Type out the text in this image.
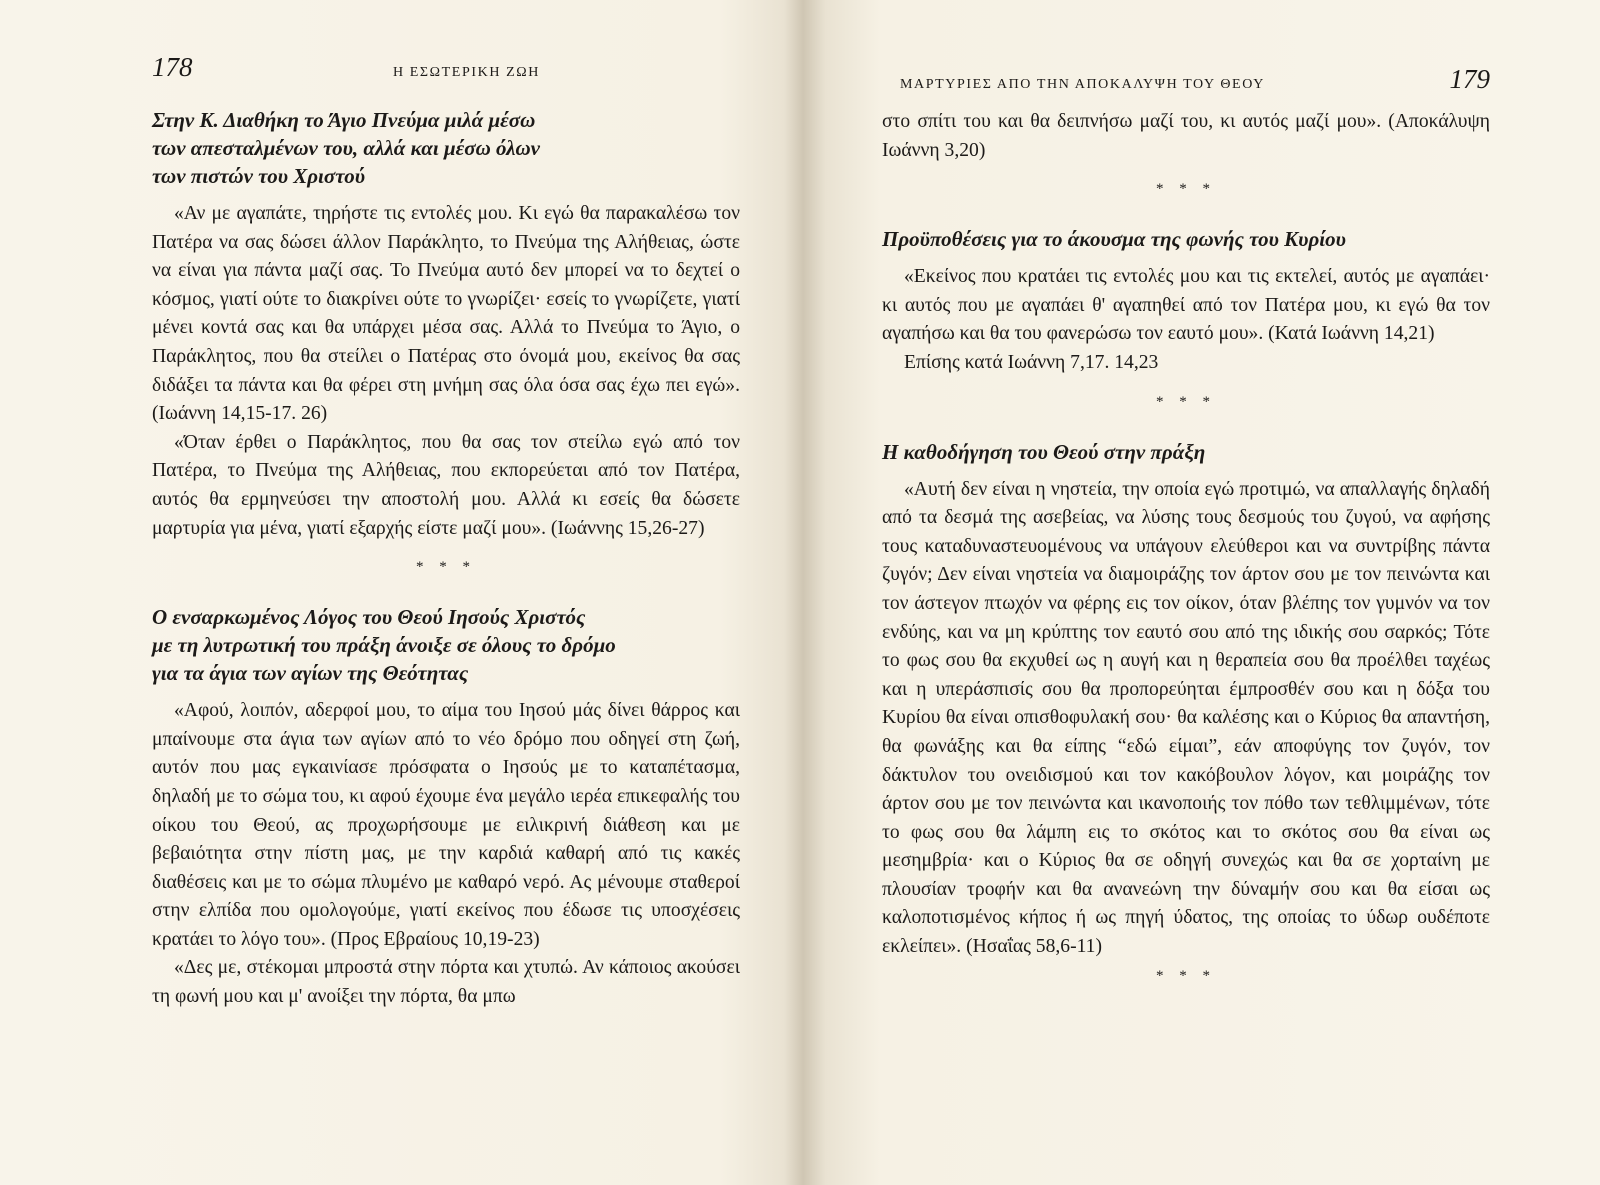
178	Η ΕΣΩΤΕΡΙΚΗ ΖΩΗ

Στην Κ. Διαθήκη το Άγιο Πνεύμα μιλά μέσω
των απεσταλμένων του, αλλά και μέσω όλων
των πιστών του Χριστού

«Αν με αγαπάτε, τηρήστε τις εντολές μου. Κι εγώ θα παρακαλέσω τον Πατέρα να σας δώσει άλλον Παράκλητο, το Πνεύμα της Αλήθειας, ώστε να είναι για πάντα μαζί σας. Το Πνεύμα αυτό δεν μπορεί να το δεχτεί ο κόσμος, γιατί ούτε το διακρίνει ούτε το γνωρίζει· εσείς το γνωρίζετε, γιατί μένει κοντά σας και θα υπάρχει μέσα σας. Αλλά το Πνεύμα το Άγιο, ο Παράκλητος, που θα στείλει ο Πατέρας στο όνομά μου, εκείνος θα σας διδάξει τα πάντα και θα φέρει στη μνήμη σας όλα όσα σας έχω πει εγώ». (Ιωάννη 14,15-17. 26)

«Όταν έρθει ο Παράκλητος, που θα σας τον στείλω εγώ από τον Πατέρα, το Πνεύμα της Αλήθειας, που εκπορεύεται από τον Πατέρα, αυτός θα ερμηνεύσει την αποστολή μου. Αλλά κι εσείς θα δώσετε μαρτυρία για μένα, γιατί εξαρχής είστε μαζί μου». (Ιωάννης 15,26-27)

* * *

Ο ενσαρκωμένος Λόγος του Θεού Ιησούς Χριστός
με τη λυτρωτική του πράξη άνοιξε σε όλους το δρόμο
για τα άγια των αγίων της Θεότητας

«Αφού, λοιπόν, αδερφοί μου, το αίμα του Ιησού μάς δίνει θάρρος και μπαίνουμε στα άγια των αγίων από το νέο δρόμο που οδηγεί στη ζωή, αυτόν που μας εγκαινίασε πρόσφατα ο Ιησούς με το καταπέτασμα, δηλαδή με το σώμα του, κι αφού έχουμε ένα μεγάλο ιερέα επικεφαλής του οίκου του Θεού, ας προχωρήσουμε με ειλικρινή διάθεση και με βεβαιότητα στην πίστη μας, με την καρδιά καθαρή από τις κακές διαθέσεις και με το σώμα πλυμένο με καθαρό νερό. Ας μένουμε σταθεροί στην ελπίδα που ομολογούμε, γιατί εκείνος που έδωσε τις υποσχέσεις κρατάει το λόγο του». (Προς Εβραίους 10,19-23)

«Δες με, στέκομαι μπροστά στην πόρτα και χτυπώ. Αν κάποιος ακούσει τη φωνή μου και μ' ανοίξει την πόρτα, θα μπω

ΜΑΡΤΥΡΙΕΣ ΑΠΟ ΤΗΝ ΑΠΟΚΑΛΥΨΗ ΤΟΥ ΘΕΟΥ	179

στο σπίτι του και θα δειπνήσω μαζί του, κι αυτός μαζί μου». (Αποκάλυψη Ιωάννη 3,20)

* * *

Προϋποθέσεις για το άκουσμα της φωνής του Κυρίου

«Εκείνος που κρατάει τις εντολές μου και τις εκτελεί, αυτός με αγαπάει· κι αυτός που με αγαπάει θ' αγαπηθεί από τον Πατέρα μου, κι εγώ θα τον αγαπήσω και θα του φανερώσω τον εαυτό μου». (Κατά Ιωάννη 14,21)

Επίσης κατά Ιωάννη 7,17. 14,23

* * *

Η καθοδήγηση του Θεού στην πράξη

«Αυτή δεν είναι η νηστεία, την οποία εγώ προτιμώ, να απαλλαγής δηλαδή από τα δεσμά της ασεβείας, να λύσης τους δεσμούς του ζυγού, να αφήσης τους καταδυναστευομένους να υπάγουν ελεύθεροι και να συντρίβης πάντα ζυγόν; Δεν είναι νηστεία να διαμοιράζης τον άρτον σου με τον πεινώντα και τον άστεγον πτωχόν να φέρης εις τον οίκον, όταν βλέπης τον γυμνόν να τον ενδύης, και να μη κρύπτης τον εαυτό σου από της ιδικής σου σαρκός; Τότε το φως σου θα εκχυθεί ως η αυγή και η θεραπεία σου θα προέλθει ταχέως και η υπεράσπισίς σου θα προπορεύηται έμπροσθέν σου και η δόξα του Κυρίου θα είναι οπισθοφυλακή σου· θα καλέσης και ο Κύριος θα απαντήση, θα φωνάξης και θα είπης “εδώ είμαι”, εάν αποφύγης τον ζυγόν, τον δάκτυλον του ονειδισμού και τον κακόβουλον λόγον, και μοιράζης τον άρτον σου με τον πεινώντα και ικανοποιής τον πόθο των τεθλιμμένων, τότε το φως σου θα λάμπη εις το σκότος και το σκότος σου θα είναι ως μεσημβρία· και ο Κύριος θα σε οδηγή συνεχώς και θα σε χορταίνη με πλουσίαν τροφήν και θα ανανεώνη την δύναμήν σου και θα είσαι ως καλοποτισμένος κήπος ή ως πηγή ύδατος, της οποίας το ύδωρ ουδέποτε εκλείπει». (Ησαΐας 58,6-11)

* * *
